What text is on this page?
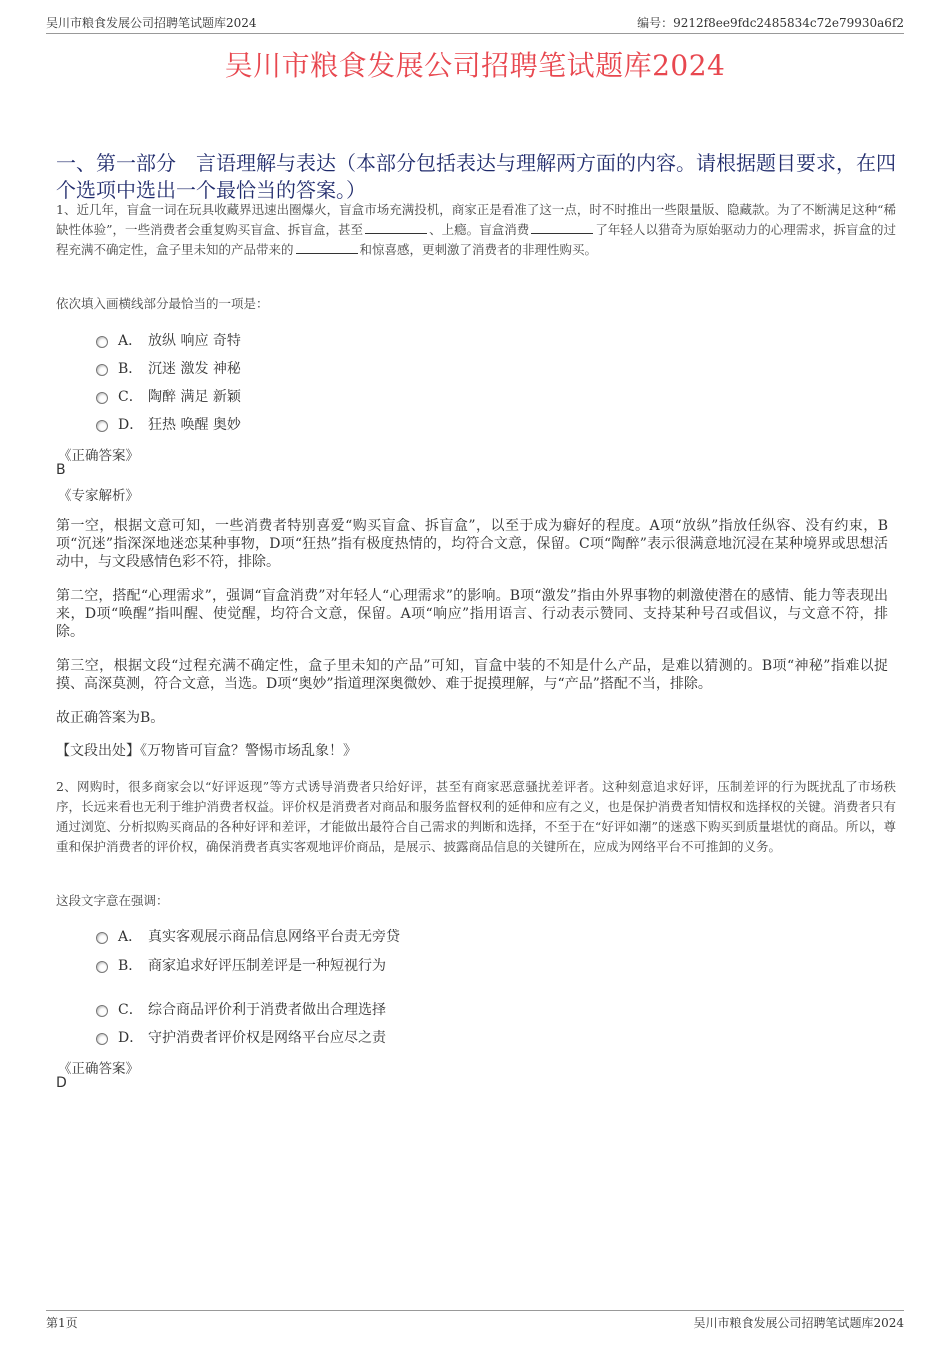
吴川市粮食发展公司招聘笔试题库2024	编号：9212f8ee9fdc2485834c72e79930a6f2
吴川市粮食发展公司招聘笔试题库2024
一、第一部分　言语理解与表达（本部分包括表达与理解两方面的内容。请根据题目要求，在四个选项中选出一个最恰当的答案。）
1、近几年，盲盒一词在玩具收藏界迅速出圈爆火，盲盒市场充满投机，商家正是看准了这一点，时不时推出一些限量版、隐藏款。为了不断满足这种“稀缺性体验”，一些消费者会重复购买盲盒、拆盲盒，甚至	、上瘾。盲盒消费	了年轻人以猎奇为原始驱动力的心理需求，拆盲盒的过程充满不确定性，盒子里未知的产品带来的	和惊喜感，更刺激了消费者的非理性购买。
依次填入画横线部分最恰当的一项是：
A． 放纵 响应 奇特
B． 沉迷 激发 神秘
C． 陶醉 满足 新颖
D． 狂热 唤醒 奥妙
《正确答案》
B
《专家解析》
第一空，根据文意可知，一些消费者特别喜爱“购买盲盒、拆盲盒”，以至于成为癖好的程度。A项“放纵”指放任纵容、没有约束，B项“沉迷”指深深地迷恋某种事物，D项“狂热”指有极度热情的，均符合文意，保留。C项“陶醉”表示很满意地沉浸在某种境界或思想活动中，与文段感情色彩不符，排除。
第二空，搭配“心理需求”，强调“盲盒消费”对年轻人“心理需求”的影响。B项“激发”指由外界事物的刺激使潜在的感情、能力等表现出来，D项“唤醒”指叫醒、使觉醒，均符合文意，保留。A项“响应”指用语言、行动表示赞同、支持某种号召或倡议，与文意不符，排除。
第三空，根据文段“过程充满不确定性，盒子里未知的产品”可知，盲盒中装的不知是什么产品，是难以猜测的。B项“神秘”指难以捉摸、高深莫测，符合文意，当选。D项“奥妙”指道理深奥微妙、难于捉摸理解，与“产品”搭配不当，排除。
故正确答案为B。
【文段出处】《万物皆可盲盒？警惕市场乱象！》
2、网购时，很多商家会以“好评返现”等方式诱导消费者只给好评，甚至有商家恶意骚扰差评者。这种刻意追求好评，压制差评的行为既扰乱了市场秩序，长远来看也无利于维护消费者权益。评价权是消费者对商品和服务监督权利的延伸和应有之义，也是保护消费者知情权和选择权的关键。消费者只有通过浏览、分析拟购买商品的各种好评和差评，才能做出最符合自己需求的判断和选择，不至于在“好评如潮”的迷惑下购买到质量堪忧的商品。所以，尊重和保护消费者的评价权，确保消费者真实客观地评价商品，是展示、披露商品信息的关键所在，应成为网络平台不可推卸的义务。
这段文字意在强调：
A． 真实客观展示商品信息网络平台责无旁贷
B． 商家追求好评压制差评是一种短视行为
C． 综合商品评价利于消费者做出合理选择
D． 守护消费者评价权是网络平台应尽之责
《正确答案》
D
第1页	吴川市粮食发展公司招聘笔试题库2024
